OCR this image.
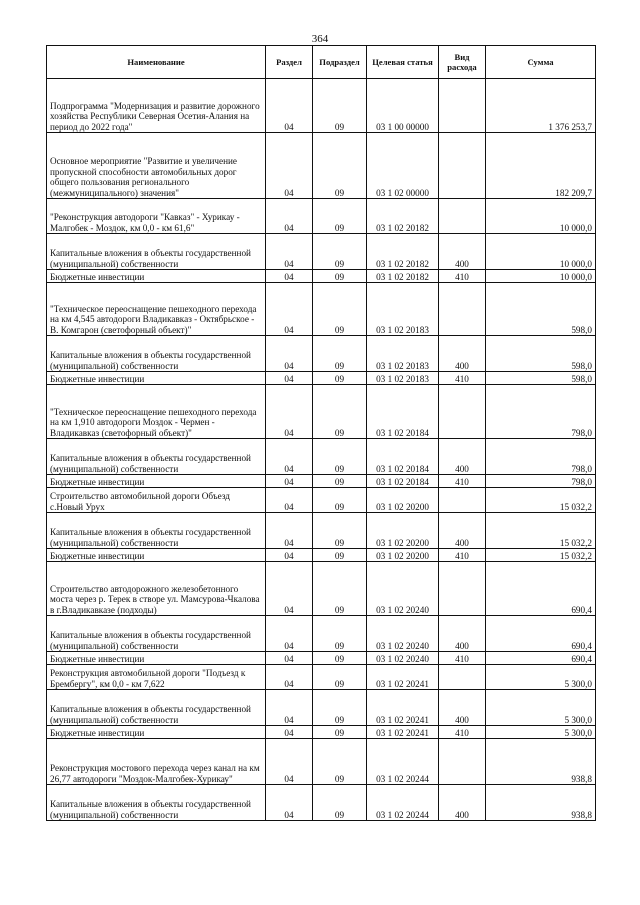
364
Наименование	Раздел	Подраздел	Целевая статья	Вид расхода	Сумма
Подпрограмма "Модернизация и развитие дорожного хозяйства Республики Северная Осетия-Алания на период до 2022 года"	04	09	03 1 00 00000		1 376 253,7
Основное мероприятие "Развитие и увеличение пропускной способности автомобильных дорог общего пользования регионального (межмуниципального) значения"	04	09	03 1 02 00000		182 209,7
"Реконструкция автодороги "Кавказ" - Хурикау - Малгобек - Моздок, км 0,0 - км 61,6"	04	09	03 1 02 20182		10 000,0
Капитальные вложения в объекты государственной (муниципальной) собственности	04	09	03 1 02 20182	400	10 000,0
Бюджетные инвестиции	04	09	03 1 02 20182	410	10 000,0
"Техническое переоснащение пешеходного перехода на км 4,545 автодороги Владикавказ - Октябрьское - В. Комгарон (светофорный объект)"	04	09	03 1 02 20183		598,0
Капитальные вложения в объекты государственной (муниципальной) собственности	04	09	03 1 02 20183	400	598,0
Бюджетные инвестиции	04	09	03 1 02 20183	410	598,0
"Техническое переоснащение пешеходного перехода на км 1,910 автодороги Моздок - Чермен - Владикавказ (светофорный объект)"	04	09	03 1 02 20184		798,0
Капитальные вложения в объекты государственной (муниципальной) собственности	04	09	03 1 02 20184	400	798,0
Бюджетные инвестиции	04	09	03 1 02 20184	410	798,0
Строительство автомобильной дороги Объезд с.Новый Урух	04	09	03 1 02 20200		15 032,2
Капитальные вложения в объекты государственной (муниципальной) собственности	04	09	03 1 02 20200	400	15 032,2
Бюджетные инвестиции	04	09	03 1 02 20200	410	15 032,2
Строительство автодорожного железобетонного моста через р. Терек в створе ул. Мамсурова-Чкалова в г.Владикавказе (подходы)	04	09	03 1 02 20240		690,4
Капитальные вложения в объекты государственной (муниципальной) собственности	04	09	03 1 02 20240	400	690,4
Бюджетные инвестиции	04	09	03 1 02 20240	410	690,4
Реконструкция автомобильной дороги "Подъезд к Брембергу", км 0,0 - км 7,622	04	09	03 1 02 20241		5 300,0
Капитальные вложения в объекты государственной (муниципальной) собственности	04	09	03 1 02 20241	400	5 300,0
Бюджетные инвестиции	04	09	03 1 02 20241	410	5 300,0
Реконструкция мостового перехода через канал на км 26,77 автодороги "Моздок-Малгобек-Хурикау"	04	09	03 1 02 20244		938,8
Капитальные вложения в объекты государственной (муниципальной) собственности	04	09	03 1 02 20244	400	938,8
